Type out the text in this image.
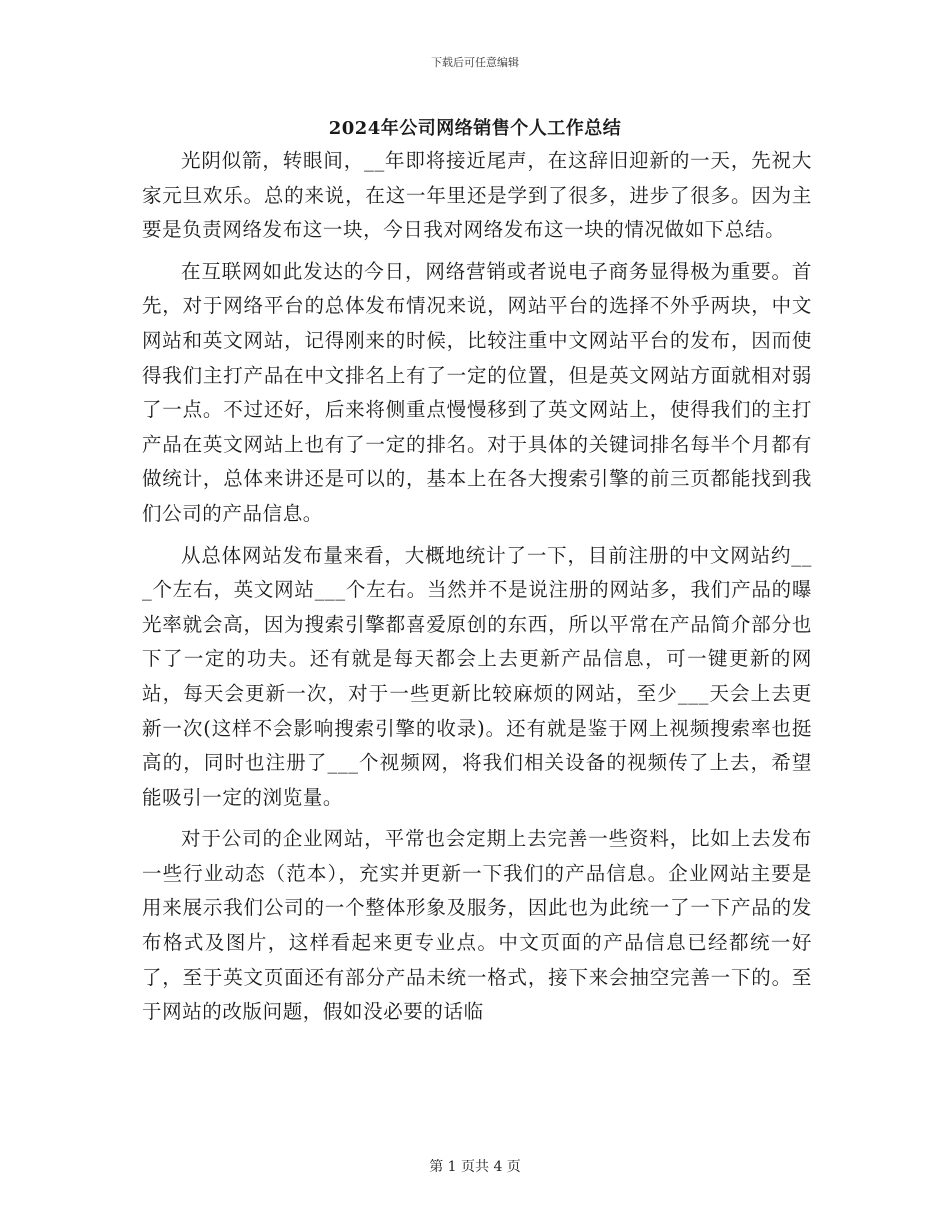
下载后可任意编辑
2024年公司网络销售个人工作总结

光阴似箭，转眼间，__年即将接近尾声，在这辞旧迎新的一天，先祝大家元旦欢乐。总的来说，在这一年里还是学到了很多，进步了很多。因为主要是负责网络发布这一块，今日我对网络发布这一块的情况做如下总结。

在互联网如此发达的今日，网络营销或者说电子商务显得极为重要。首先，对于网络平台的总体发布情况来说，网站平台的选择不外乎两块，中文网站和英文网站，记得刚来的时候，比较注重中文网站平台的发布，因而使得我们主打产品在中文排名上有了一定的位置，但是英文网站方面就相对弱了一点。不过还好，后来将侧重点慢慢移到了英文网站上，使得我们的主打产品在英文网站上也有了一定的排名。对于具体的关键词排名每半个月都有做统计，总体来讲还是可以的，基本上在各大搜索引擎的前三页都能找到我们公司的产品信息。

从总体网站发布量来看，大概地统计了一下，目前注册的中文网站约___个左右，英文网站___个左右。当然并不是说注册的网站多，我们产品的曝光率就会高，因为搜索引擎都喜爱原创的东西，所以平常在产品简介部分也下了一定的功夫。还有就是每天都会上去更新产品信息，可一键更新的网站，每天会更新一次，对于一些更新比较麻烦的网站，至少___天会上去更新一次(这样不会影响搜索引擎的收录)。还有就是鉴于网上视频搜索率也挺高的，同时也注册了___个视频网，将我们相关设备的视频传了上去，希望能吸引一定的浏览量。

对于公司的企业网站，平常也会定期上去完善一些资料，比如上去发布一些行业动态（范本），充实并更新一下我们的产品信息。企业网站主要是用来展示我们公司的一个整体形象及服务，因此也为此统一了一下产品的发布格式及图片，这样看起来更专业点。中文页面的产品信息已经都统一好了，至于英文页面还有部分产品未统一格式，接下来会抽空完善一下的。至于网站的改版问题，假如没必要的话临

第 1 页共 4 页
